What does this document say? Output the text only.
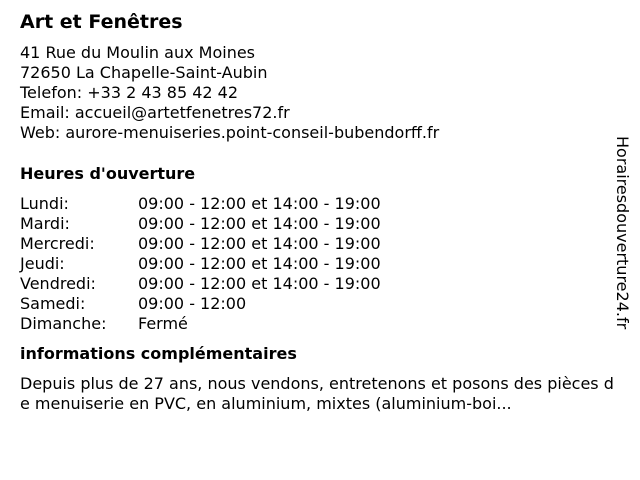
Art et Fenêtres
41 Rue du Moulin aux Moines
72650 La Chapelle-Saint-Aubin
Telefon: +33 2 43 85 42 42
Email: accueil@artetfenetres72.fr
Web: aurore-menuiseries.point-conseil-bubendorff.fr
Heures d'ouverture
Lundi:	09:00 - 12:00 et 14:00 - 19:00
Mardi:	09:00 - 12:00 et 14:00 - 19:00
Mercredi:	09:00 - 12:00 et 14:00 - 19:00
Jeudi:	09:00 - 12:00 et 14:00 - 19:00
Vendredi:	09:00 - 12:00 et 14:00 - 19:00
Samedi:	09:00 - 12:00
Dimanche:	Fermé
informations complémentaires
Depuis plus de 27 ans, nous vendons, entretenons et posons des pièces de menuiserie en PVC, en aluminium, mixtes (aluminium-boi...
Horairesdouverture24.fr
